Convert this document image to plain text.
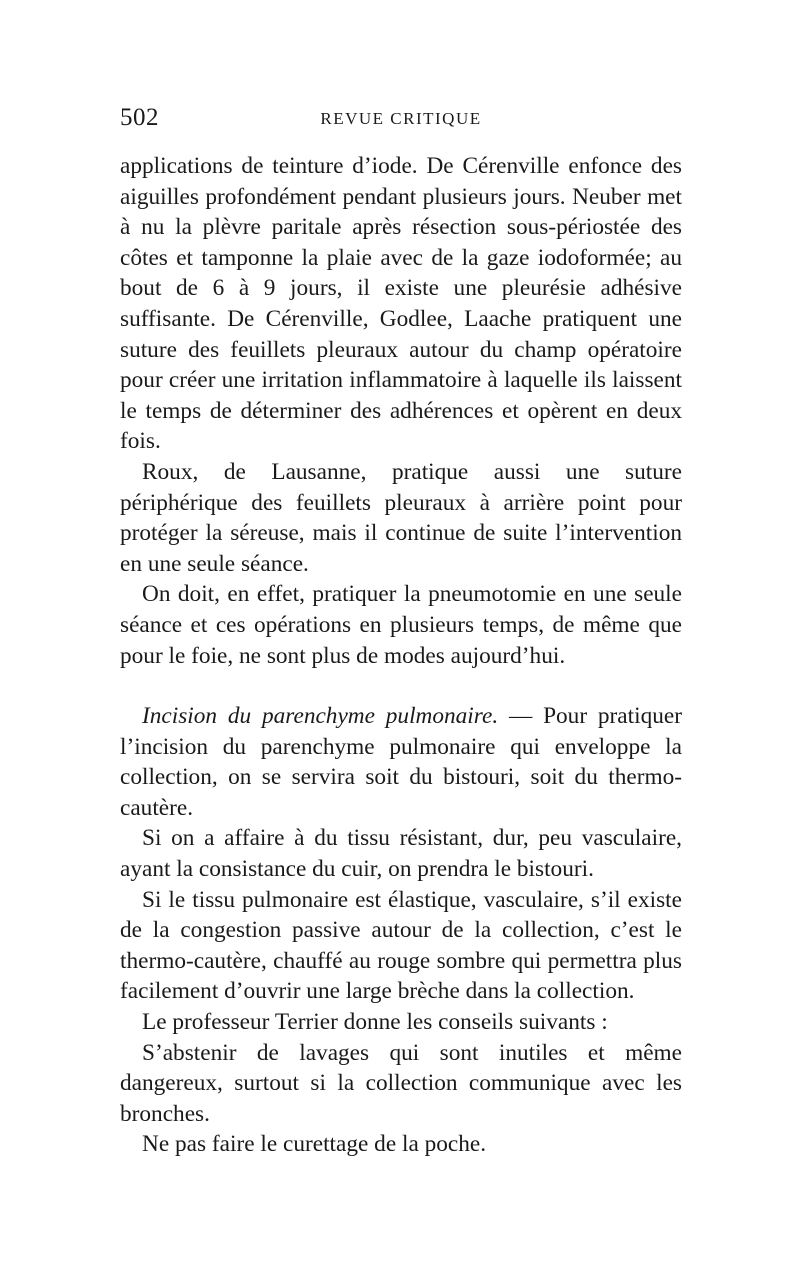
502	REVUE CRITIQUE

applications de teinture d’iode. De Cérenville enfonce des aiguilles profondément pendant plusieurs jours. Neuber met à nu la plèvre paritale après résection sous-périostée des côtes et tamponne la plaie avec de la gaze iodoformée; au bout de 6 à 9 jours, il existe une pleurésie adhésive suffisante. De Cérenville, Godlee, Laache pratiquent une suture des feuillets pleuraux autour du champ opératoire pour créer une irritation inflammatoire à laquelle ils laissent le temps de déterminer des adhérences et opèrent en deux fois.

Roux, de Lausanne, pratique aussi une suture périphérique des feuillets pleuraux à arrière point pour protéger la séreuse, mais il continue de suite l’intervention en une seule séance.

On doit, en effet, pratiquer la pneumotomie en une seule séance et ces opérations en plusieurs temps, de même que pour le foie, ne sont plus de modes aujourd’hui.

Incision du parenchyme pulmonaire. — Pour pratiquer l’incision du parenchyme pulmonaire qui enveloppe la collection, on se servira soit du bistouri, soit du thermo-cautère.

Si on a affaire à du tissu résistant, dur, peu vasculaire, ayant la consistance du cuir, on prendra le bistouri.

Si le tissu pulmonaire est élastique, vasculaire, s’il existe de la congestion passive autour de la collection, c’est le thermo-cautère, chauffé au rouge sombre qui permettra plus facilement d’ouvrir une large brèche dans la collection.

Le professeur Terrier donne les conseils suivants :

S’abstenir de lavages qui sont inutiles et même dangereux, surtout si la collection communique avec les bronches.

Ne pas faire le curettage de la poche.
